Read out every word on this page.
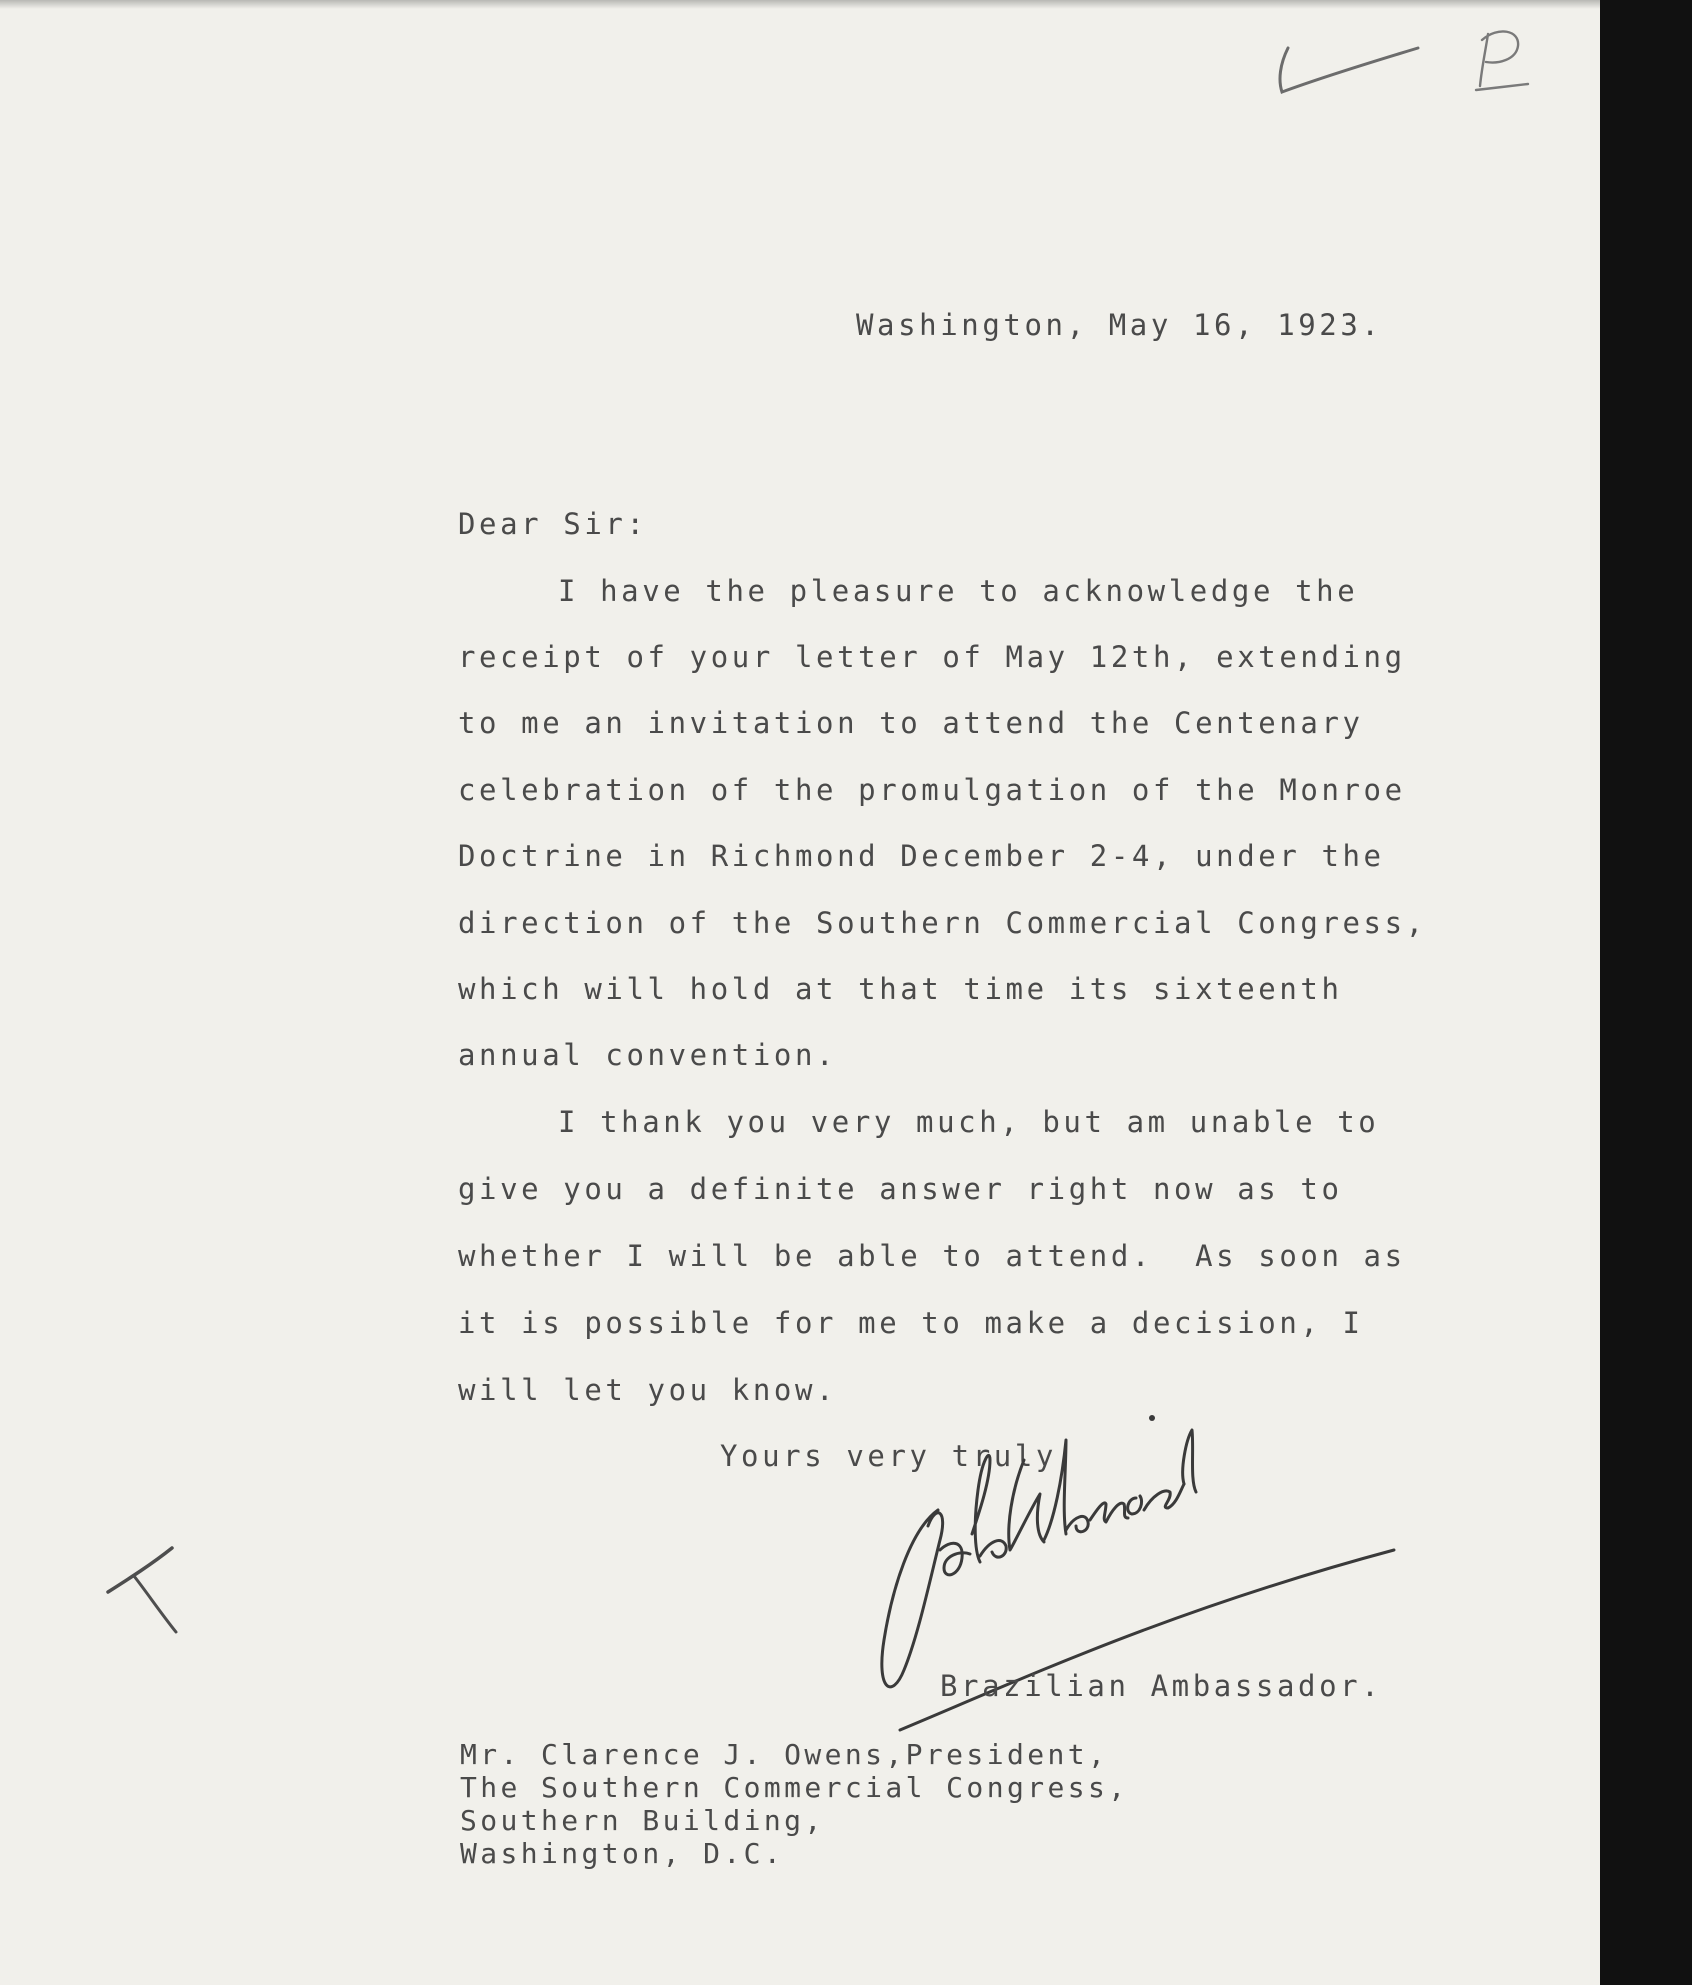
Washington, May 16, 1923.
Dear Sir:
I have the pleasure to acknowledge the
receipt of your letter of May 12th, extending
to me an invitation to attend the Centenary
celebration of the promulgation of the Monroe
Doctrine in Richmond December 2-4, under the
direction of the Southern Commercial Congress,
which will hold at that time its sixteenth
annual convention.
I thank you very much, but am unable to
give you a definite answer right now as to
whether I will be able to attend.  As soon as
it is possible for me to make a decision, I
will let you know.
Yours very truly
Brazilian Ambassador.
Mr. Clarence J. Owens,President,
The Southern Commercial Congress,
Southern Building,
Washington, D.C.
